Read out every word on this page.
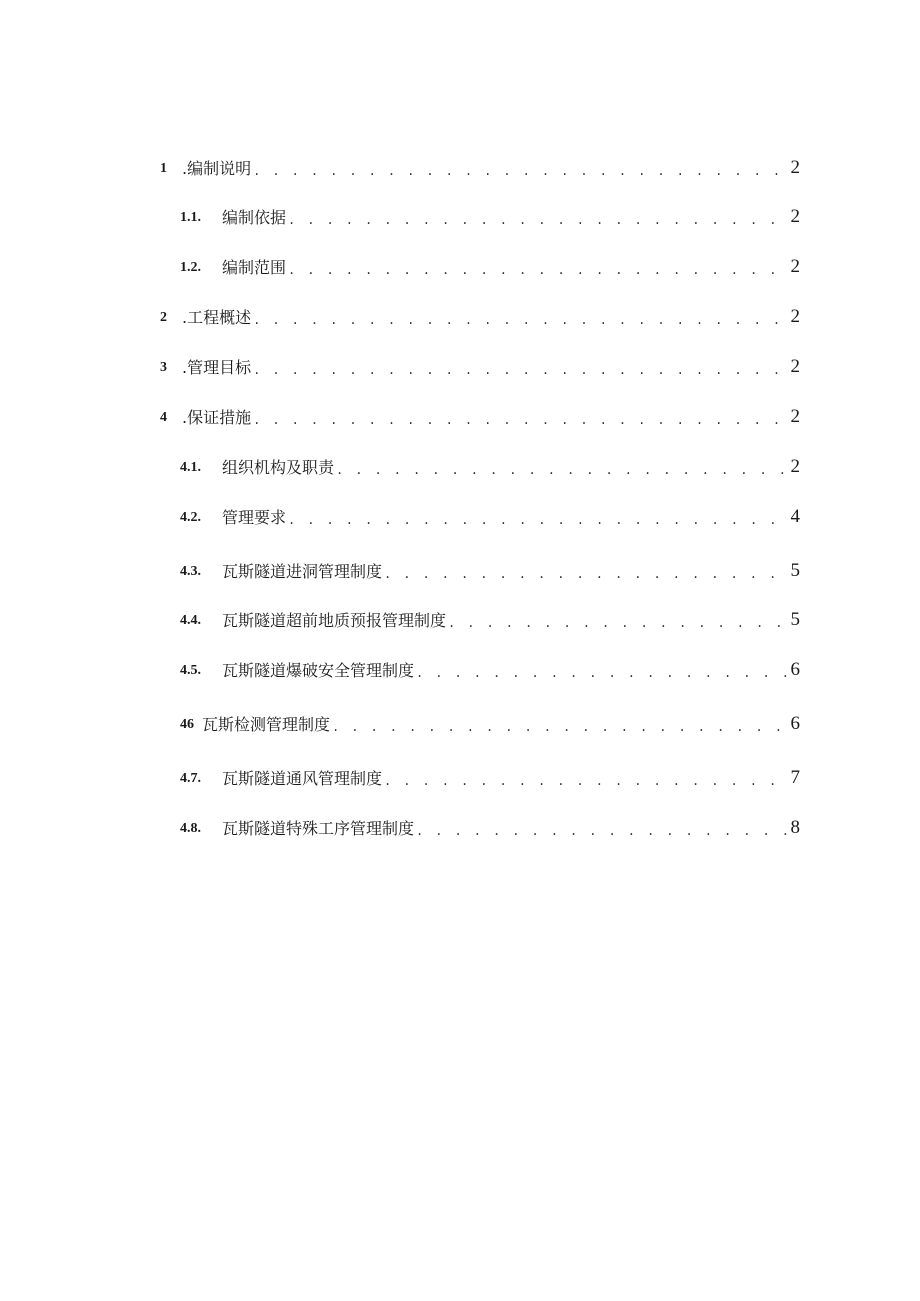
1 .编制说明 . . .	2
1.1.	编制依据 . . .	2
1.2.	编制范围 . . .	2
2 .工程概述 . . .	2
3 .管理目标 . . .	2
4 .保证措施 . . .	2
4.1.	组织机构及职责 . . .	2
4.2.	管理要求 . . .	4
4.3.	瓦斯隧道进洞管理制度 . . .	5
4.4.	瓦斯隧道超前地质预报管理制度 . . .	5
4.5.	瓦斯隧道爆破安全管理制度 . . .	6
46 瓦斯检测管理制度 . . .	6
4.7.	瓦斯隧道通风管理制度 . . .	7
4.8.	瓦斯隧道特殊工序管理制度 . . .	8
